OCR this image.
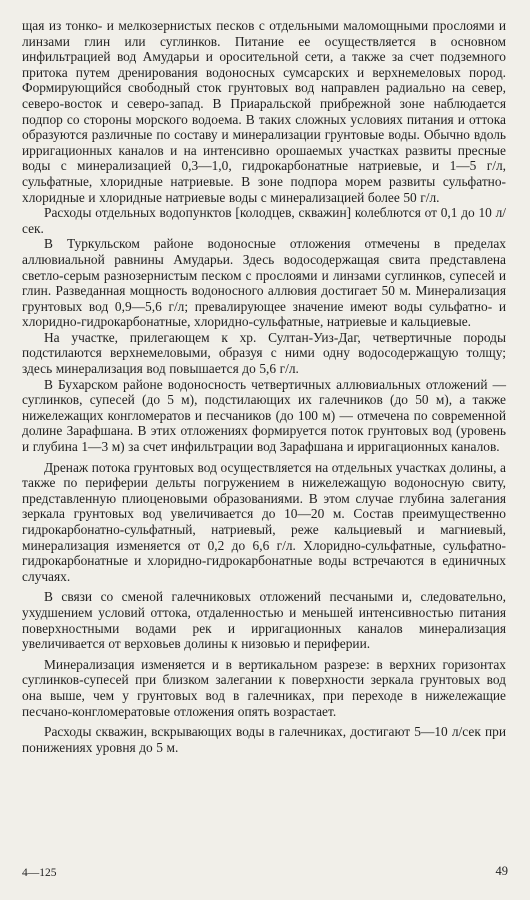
щая из тонко- и мелкозернистых песков с отдельными маломощными прослоями и линзами глин или суглинков. Питание ее осуществляется в основном инфильтрацией вод Амударьи и оросительной сети, а также за счет подземного притока путем дренирования водоносных сумсарских и верхнемеловых пород. Формирующийся свободный сток грунтовых вод направлен радиально на север, северо-восток и северо-запад. В Приаральской прибрежной зоне наблюдается подпор со стороны морского водоема. В таких сложных условиях питания и оттока образуются различные по составу и минерализации грунтовые воды. Обычно вдоль ирригационных каналов и на интенсивно орошаемых участках развиты пресные воды с минерализацией 0,3—1,0, гидрокарбонатные натриевые, и 1—5 г/л, сульфатные, хлоридные натриевые. В зоне подпора морем развиты сульфатно-хлоридные и хлоридные натриевые воды с минерализацией более 50 г/л.

Расходы отдельных водопунктов [колодцев, скважин] колеблются от 0,1 до 10 л/сек.

В Туркульском районе водоносные отложения отмечены в пределах аллювиальной равнины Амударьи. Здесь водосодержащая свита представлена светло-серым разнозернистым песком с прослоями и линзами суглинков, супесей и глин. Разведанная мощность водоносного аллювия достигает 50 м. Минерализация грунтовых вод 0,9—5,6 г/л; превалирующее значение имеют воды сульфатно- и хлоридно-гидрокарбонатные, хлоридно-сульфатные, натриевые и кальциевые.

На участке, прилегающем к хр. Султан-Уиз-Даг, четвертичные породы подстилаются верхнемеловыми, образуя с ними одну водосодержащую толщу; здесь минерализация вод повышается до 5,6 г/л.

В Бухарском районе водоносность четвертичных аллювиальных отложений — суглинков, супесей (до 5 м), подстилающих их галечников (до 50 м), а также нижележащих конгломератов и песчаников (до 100 м) — отмечена по современной долине Зарафшана. В этих отложениях формируется поток грунтовых вод (уровень и глубина 1—3 м) за счет инфильтрации вод Зарафшана и ирригационных каналов.

Дренаж потока грунтовых вод осуществляется на отдельных участках долины, а также по периферии дельты погружением в нижележащую водоносную свиту, представленную плиоценовыми образованиями. В этом случае глубина залегания зеркала грунтовых вод увеличивается до 10—20 м. Состав преимущественно гидрокарбонатно-сульфатный, натриевый, реже кальциевый и магниевый, минерализация изменяется от 0,2 до 6,6 г/л. Хлоридно-сульфатные, сульфатно-гидрокарбонатные и хлоридно-гидрокарбонатные воды встречаются в единичных случаях.

В связи со сменой галечниковых отложений песчаными и, следовательно, ухудшением условий оттока, отдаленностью и меньшей интенсивностью питания поверхностными водами рек и ирригационных каналов минерализация увеличивается от верховьев долины к низовью и периферии.

Минерализация изменяется и в вертикальном разрезе: в верхних горизонтах суглинков-супесей при близком залегании к поверхности зеркала грунтовых вод она выше, чем у грунтовых вод в галечниках, при переходе в нижележащие песчано-конгломератовые отложения опять возрастает.

Расходы скважин, вскрывающих воды в галечниках, достигают 5—10 л/сек при понижениях уровня до 5 м.

4—125	49
